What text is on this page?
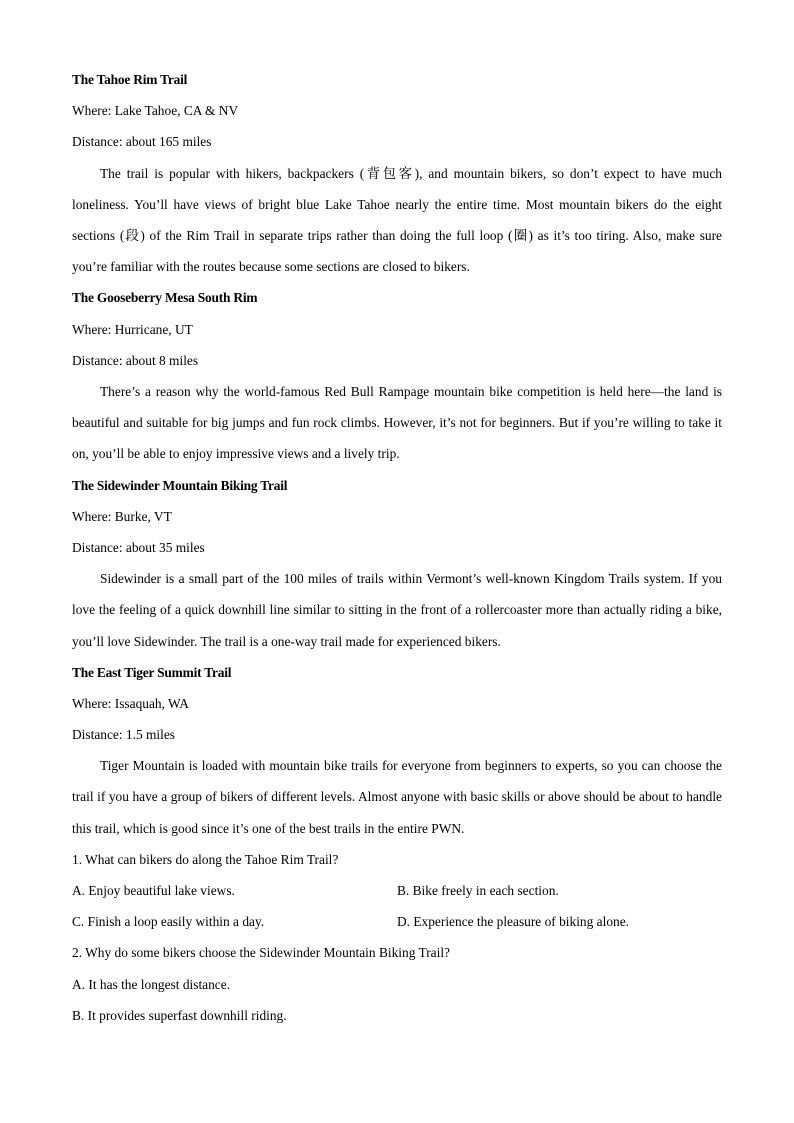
The Tahoe Rim Trail
Where: Lake Tahoe, CA & NV
Distance: about 165 miles
The trail is popular with hikers, backpackers (背包客), and mountain bikers, so don’t expect to have much loneliness. You’ll have views of bright blue Lake Tahoe nearly the entire time. Most mountain bikers do the eight sections (段) of the Rim Trail in separate trips rather than doing the full loop (圈) as it’s too tiring. Also, make sure you’re familiar with the routes because some sections are closed to bikers.
The Gooseberry Mesa South Rim
Where: Hurricane, UT
Distance: about 8 miles
There’s a reason why the world-famous Red Bull Rampage mountain bike competition is held here—the land is beautiful and suitable for big jumps and fun rock climbs. However, it’s not for beginners. But if you’re willing to take it on, you’ll be able to enjoy impressive views and a lively trip.
The Sidewinder Mountain Biking Trail
Where: Burke, VT
Distance: about 35 miles
Sidewinder is a small part of the 100 miles of trails within Vermont’s well-known Kingdom Trails system. If you love the feeling of a quick downhill line similar to sitting in the front of a rollercoaster more than actually riding a bike, you’ll love Sidewinder. The trail is a one-way trail made for experienced bikers.
The East Tiger Summit Trail
Where: Issaquah, WA
Distance: 1.5 miles
Tiger Mountain is loaded with mountain bike trails for everyone from beginners to experts, so you can choose the trail if you have a group of bikers of different levels. Almost anyone with basic skills or above should be about to handle this trail, which is good since it’s one of the best trails in the entire PWN.
1. What can bikers do along the Tahoe Rim Trail?
A. Enjoy beautiful lake views.	B. Bike freely in each section.
C. Finish a loop easily within a day.	D. Experience the pleasure of biking alone.
2. Why do some bikers choose the Sidewinder Mountain Biking Trail?
A. It has the longest distance.
B. It provides superfast downhill riding.
